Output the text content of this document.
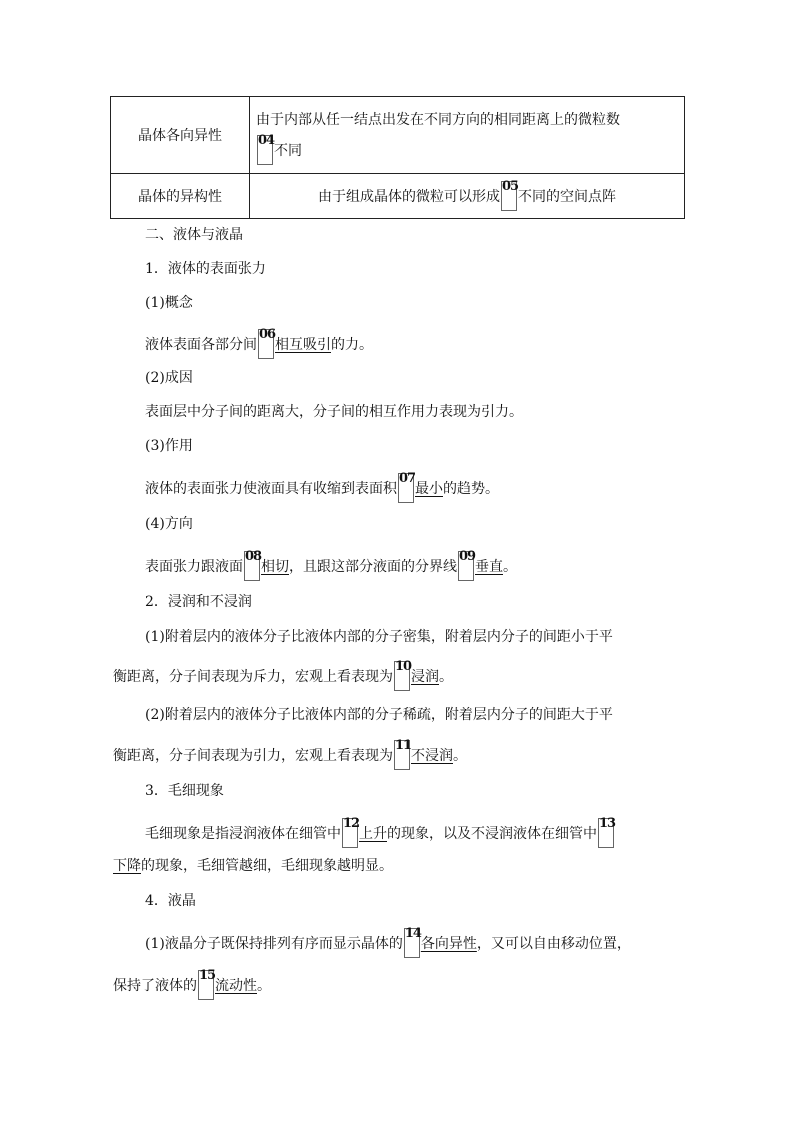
晶体各向异性	由于内部从任一结点出发在不同方向的相同距离上的微粒数

04
不同
晶体的异构性	由于组成晶体的微粒可以形成
05
不同的空间点阵
二、液体与液晶
1．液体的表面张力
(1)概念
液体表面各部分间
06
相互吸引的力。
(2)成因
表面层中分子间的距离大，分子间的相互作用力表现为引力。
(3)作用
液体的表面张力使液面具有收缩到表面积
07
最小的趋势。
(4)方向
表面张力跟液面
08
相切，且跟这部分液面的分界线
09
垂直。
2．浸润和不浸润
(1)附着层内的液体分子比液体内部的分子密集，附着层内分子的间距小于平
衡距离，分子间表现为斥力，宏观上看表现为
10
浸润。
(2)附着层内的液体分子比液体内部的分子稀疏，附着层内分子的间距大于平
衡距离，分子间表现为引力，宏观上看表现为
11
不浸润。
3．毛细现象
毛细现象是指浸润液体在细管中
12
上升的现象，以及不浸润液体在细管中
13
下降的现象，毛细管越细，毛细现象越明显。
4．液晶
(1)液晶分子既保持排列有序而显示晶体的
14
各向异性，又可以自由移动位置，
保持了液体的
15
流动性。
